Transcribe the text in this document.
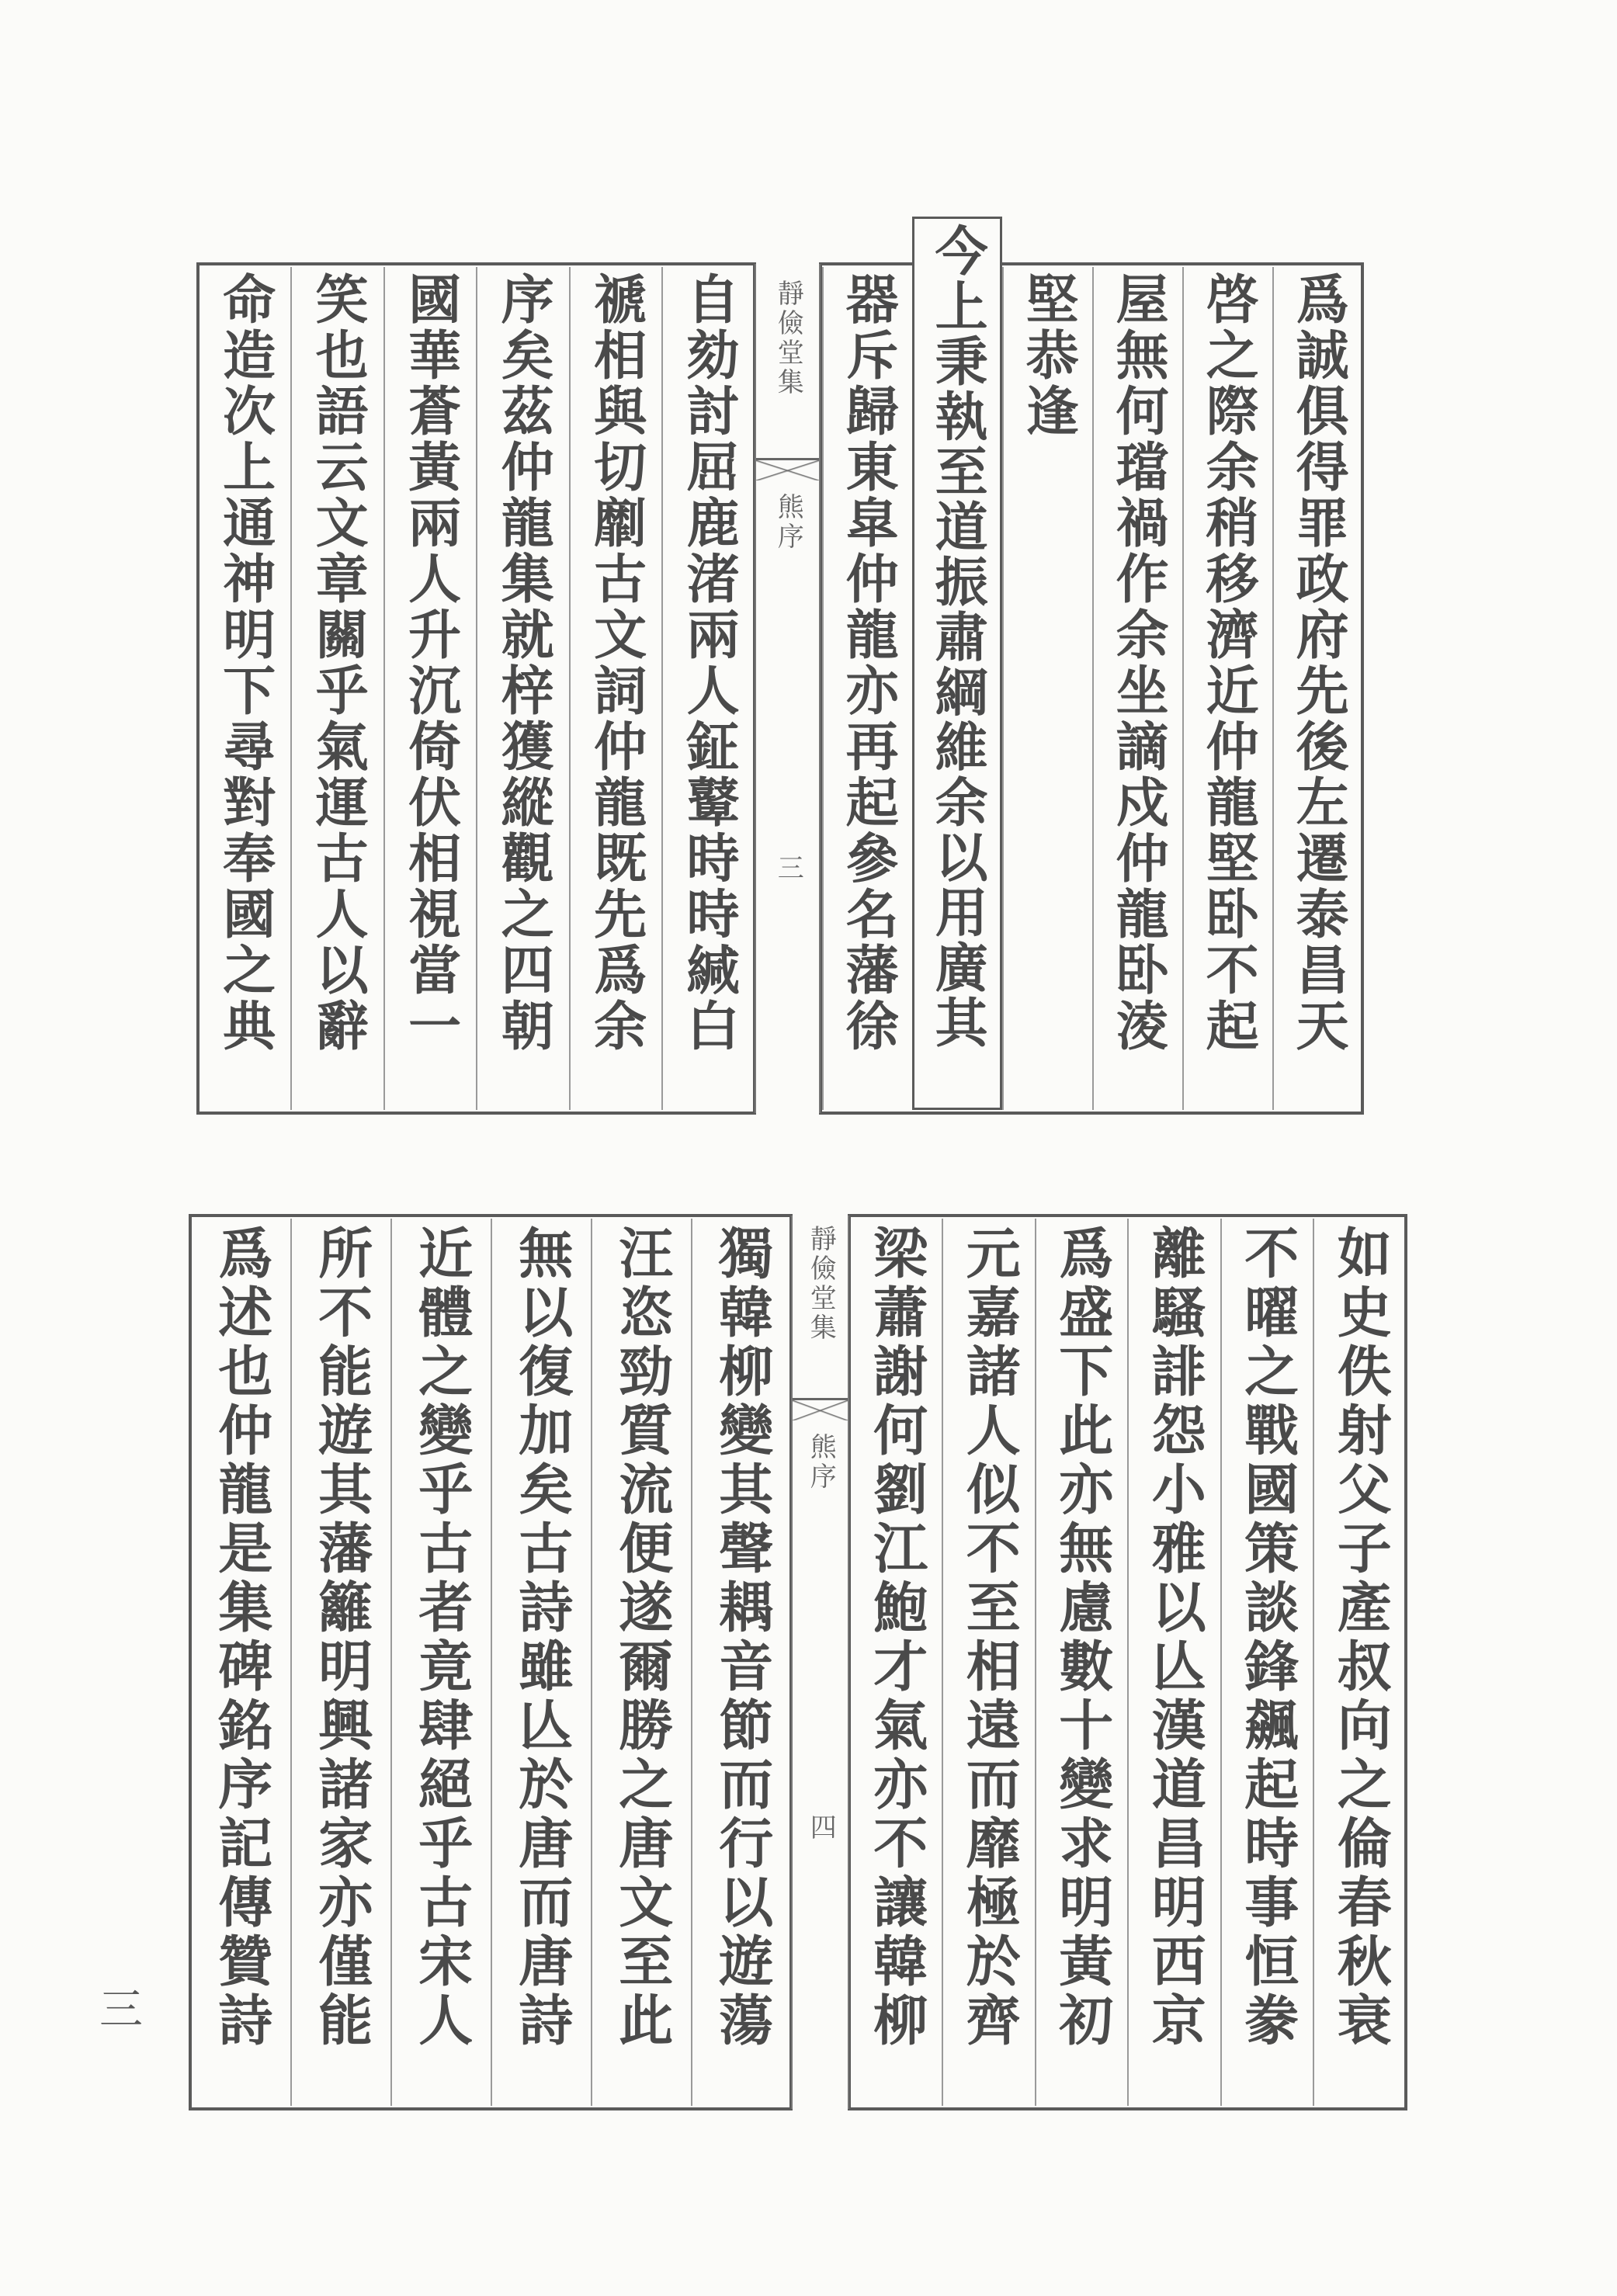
爲誠俱得罪政府先後左遷泰昌天
啓之際余稍移濟近仲龍堅卧不起
屋無何璫禍作余坐謫戍仲龍卧淩
堅恭逢
今上秉執至道振肅綱維余以用廣其
器斥歸東皐仲龍亦再起參名藩徐
靜儉堂集
熊序
三
自劾討屈鹿渚兩人鉦鼙時時緘白
禠相與切劘古文詞仲龍既先爲余
序矣茲仲龍集就梓獲縱觀之四朝
國華蒼黃兩人升沉倚伏相視當一
笑也語云文章關乎氣運古人以辭
命造次上通神明下尋對奉國之典
如史佚射父子產叔向之倫春秋衰
不曜之戰國策談鋒飆起時事恒豢
離騷誹怨小雅以亾漢道昌明西京
爲盛下此亦無慮數十變求明黃初
元嘉諸人似不至相遠而靡極於齊
梁蕭謝何劉江鮑才氣亦不讓韓柳
靜儉堂集
熊序
四
獨韓柳變其聲耦音節而行以遊蕩
汪恣勁質流便遂爾勝之唐文至此
無以復加矣古詩雖亾於唐而唐詩
近體之變乎古者竟肆絕乎古宋人
所不能遊其藩籬明興諸家亦僅能
爲述也仲龍是集碑銘序記傳贊詩
三
